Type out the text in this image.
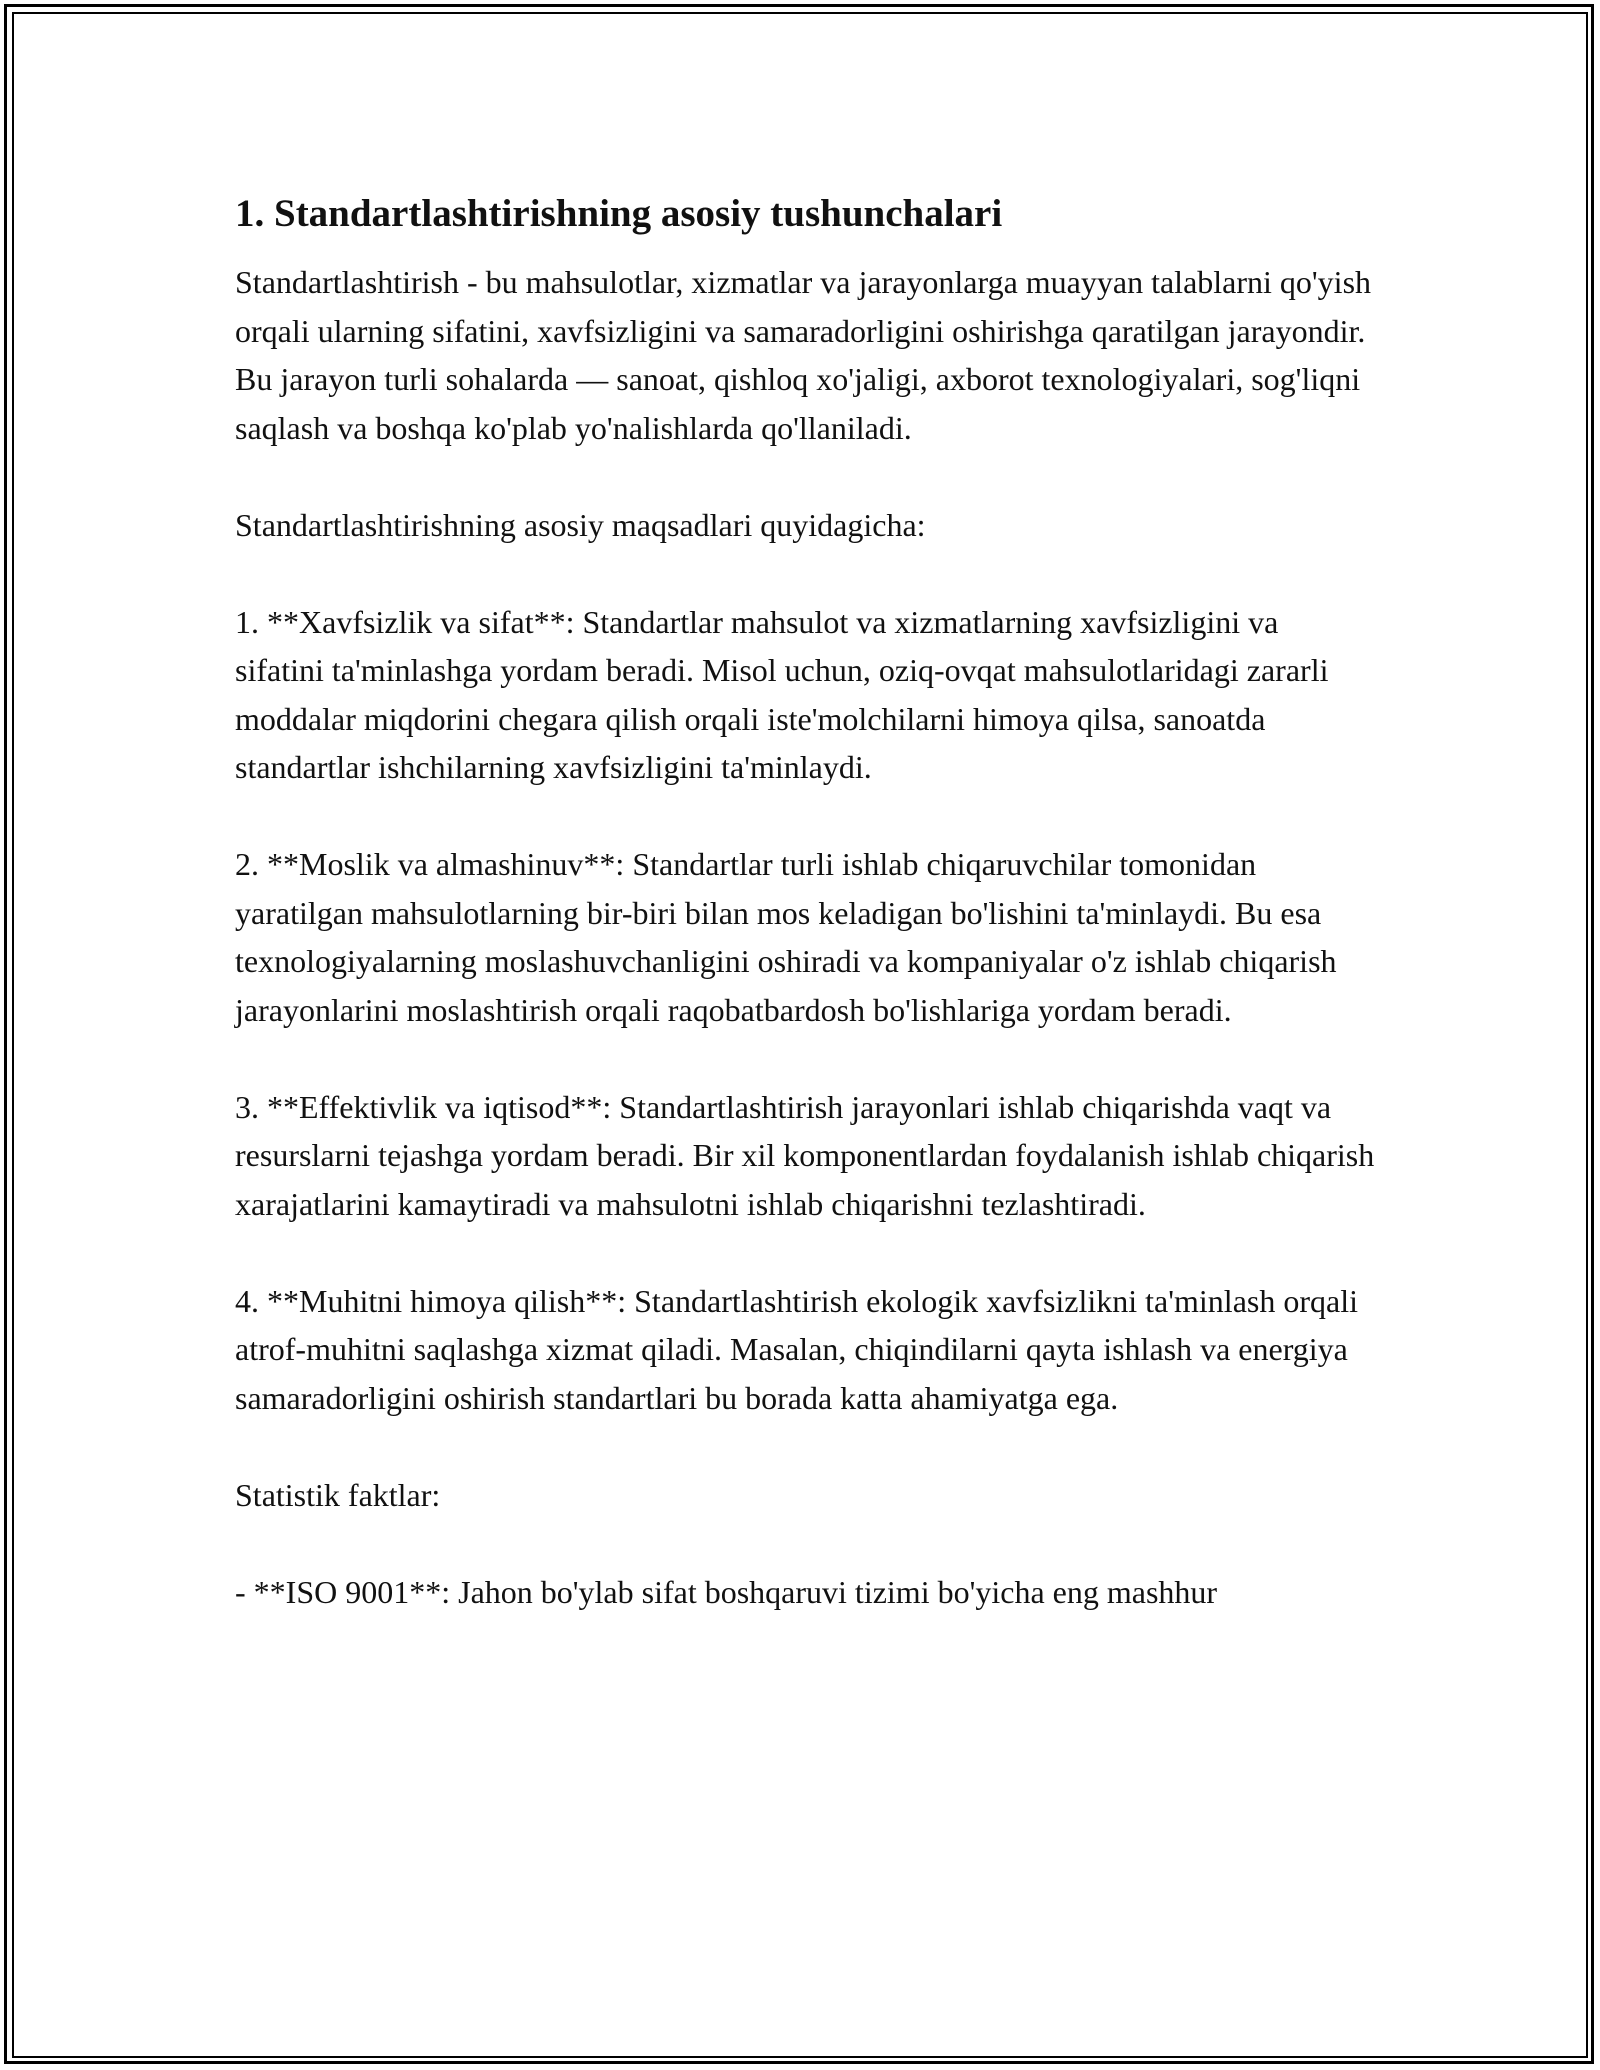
1. Standartlashtirishning asosiy tushunchalari

Standartlashtirish - bu mahsulotlar, xizmatlar va jarayonlarga muayyan talablarni qo'yish orqali ularning sifatini, xavfsizligini va samaradorligini oshirishga qaratilgan jarayondir. Bu jarayon turli sohalarda — sanoat, qishloq xo'jaligi, axborot texnologiyalari, sog'liqni saqlash va boshqa ko'plab yo'nalishlarda qo'llaniladi.

Standartlashtirishning asosiy maqsadlari quyidagicha:

1. **Xavfsizlik va sifat**: Standartlar mahsulot va xizmatlarning xavfsizligini va sifatini ta'minlashga yordam beradi. Misol uchun, oziq-ovqat mahsulotlaridagi zararli moddalar miqdorini chegara qilish orqali iste'molchilarni himoya qilsa, sanoatda standartlar ishchilarning xavfsizligini ta'minlaydi.

2. **Moslik va almashinuv**: Standartlar turli ishlab chiqaruvchilar tomonidan yaratilgan mahsulotlarning bir-biri bilan mos keladigan bo'lishini ta'minlaydi. Bu esa texnologiyalarning moslashuvchanligini oshiradi va kompaniyalar o'z ishlab chiqarish jarayonlarini moslashtirish orqali raqobatbardosh bo'lishlariga yordam beradi.

3. **Effektivlik va iqtisod**: Standartlashtirish jarayonlari ishlab chiqarishda vaqt va resurslarni tejashga yordam beradi. Bir xil komponentlardan foydalanish ishlab chiqarish xarajatlarini kamaytiradi va mahsulotni ishlab chiqarishni tezlashtiradi.

4. **Muhitni himoya qilish**: Standartlashtirish ekologik xavfsizlikni ta'minlash orqali atrof-muhitni saqlashga xizmat qiladi. Masalan, chiqindilarni qayta ishlash va energiya samaradorligini oshirish standartlari bu borada katta ahamiyatga ega.

Statistik faktlar:

- **ISO 9001**: Jahon bo'ylab sifat boshqaruvi tizimi bo'yicha eng mashhur
